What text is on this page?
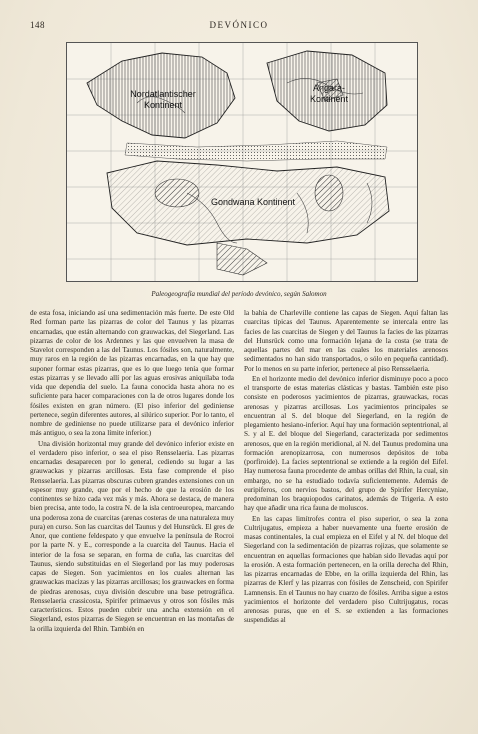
148	DEVÓNICO
Nordatlantischer
Kontinent
Angara-
Kontinent
Gondwana Kontinent
Paleogeografía mundial del período devónico, según Salomon

de esta fosa, iniciando así una sedimentación más fuerte. De este Old Red forman parte las pizarras de color del Taunus y las pizarras encarnadas, que están alternando con grauwackas, del Siegerland. Las pizarras de color de los Ardennes y las que envuelven la masa de Stavelot corresponden a las del Taunus. Los fósiles son, naturalmente, muy raros en la región de las pizarras encarnadas, en la que hay que suponer formar estas pizarras, que es lo que luego tenía que formar estas pizarras y se llevado allí por las aguas erosivas aniquilaba toda vida que dependía del suelo. La fauna conocida hasta ahora no es suficiente para hacer comparaciones con la de otros lugares donde los fósiles existen en gran número. (El piso inferior del gediniense pertenece, según diferentes autores, al silúrico superior. Por lo tanto, el nombre de gediniense no puede utilizarse para el devónico inferior más antiguo, o sea la zona límite inferior.)

Una división horizontal muy grande del devónico inferior existe en el verdadero piso inferior, o sea el piso Rensselaeria. Las pizarras encarnadas desaparecen por lo general, cediendo su lugar a las grauwackas y pizarras arcillosas. Esta fase comprende el piso Rensselaeria. Las pizarras obscuras cubren grandes extensiones con un espesor muy grande, que por el hecho de que la erosión de los continentes se hizo cada vez más y más. Ahora se destaca, de manera bien precisa, ante todo, la costra N. de la isla centroeuropea, marcando una poderosa zona de cuarcitas (arenas costeras de una naturaleza muy pura) en curso. Son las cuarcitas del Taunus y del Hunsrück. El gres de Anor, que contiene feldespato y que envuelve la península de Rocroi por la parte N. y E., corresponde a la cuarcita del Taunus. Hacia el interior de la fosa se separan, en forma de cuña, las cuarcitas del Taunus, siendo substituidas en el Siegerland por las muy poderosas capas de Siegen. Son yacimientos en los cuales alternan las grauwackas macizas y las pizarras arcillosas; los grauwackes en forma de piedras arenosas, cuya división descubre una base petrográfica. Rensselaeria crassicosta, Spirifer primaevus y otros son fósiles más característicos. Estos pueden cubrir una ancha extensión en el Siegerland, estos pizarras de Siegen se encuentran en las montañas de la orilla izquierda del Rhin. También en

la bahía de Charleville contiene las capas de Siegen. Aquí faltan las cuarcitas típicas del Taunus. Aparentemente se intercala entre las facies de las cuarcitas de Siegen y del Taunus la facies de las pizarras del Hunsrück como una formación lejana de la costa (se trata de aquellas partes del mar en las cuales los materiales arenosos sedimentados no han sido transportados, o sólo en pequeña cantidad). Por lo menos en su parte inferior, pertenece al piso Rensselaeria.

En el horizonte medio del devónico inferior disminuye poco a poco el transporte de estas materias clásticas y bastas. También este piso consiste en poderosos yacimientos de pizarras, grauwackas, rocas arenosas y pizarras arcillosas. Los yacimientos principales se encuentran al S. del bloque del Siegerland, en la región de plegamiento hesiano-inferior. Aquí hay una formación septentrional, al S. y al E. del bloque del Siegerland, caracterizada por sedimentos arenosos, que en la región meridional, al N. del Taunus predomina una formación arenopizarrosa, con numerosos depósitos de toba (porfiroide). La facies septentrional se extiende a la región del Eifel. Hay numerosa fauna procedente de ambas orillas del Rhin, la cual, sin embargo, no se ha estudiado todavía suficientemente. Además de euripiferos, con nervios bastos, del grupo de Spirifer Hercyniae, predominan los braquiopodos carinatos, además de Trigeria. A esto hay que añadir una rica fauna de moluscos.

En las capas limítrofes contra el piso superior, o sea la zona Cultrijugatus, empieza a haber nuevamente una fuerte erosión de masas continentales, la cual empieza en el Eifel y al N. del bloque del Siegerland con la sedimentación de pizarras rojizas, que solamente se encuentran en aquellas formaciones que habían sido llevadas aquí por la erosión. A esta formación pertenecen, en la orilla derecha del Rhin, las pizarras encarnadas de Ebbe, en la orilla izquierda del Rhin, las pizarras de Klerf y las pizarras con fósiles de Zenscheid, con Spirifer Lamnensis. En el Taunus no hay cuarzo de fósiles. Arriba sigue a estos yacimientos el horizonte del verdadero piso Cultrijugatus, rocas arenosas puras, que en el S. se extienden a las formaciones suspendidas al
